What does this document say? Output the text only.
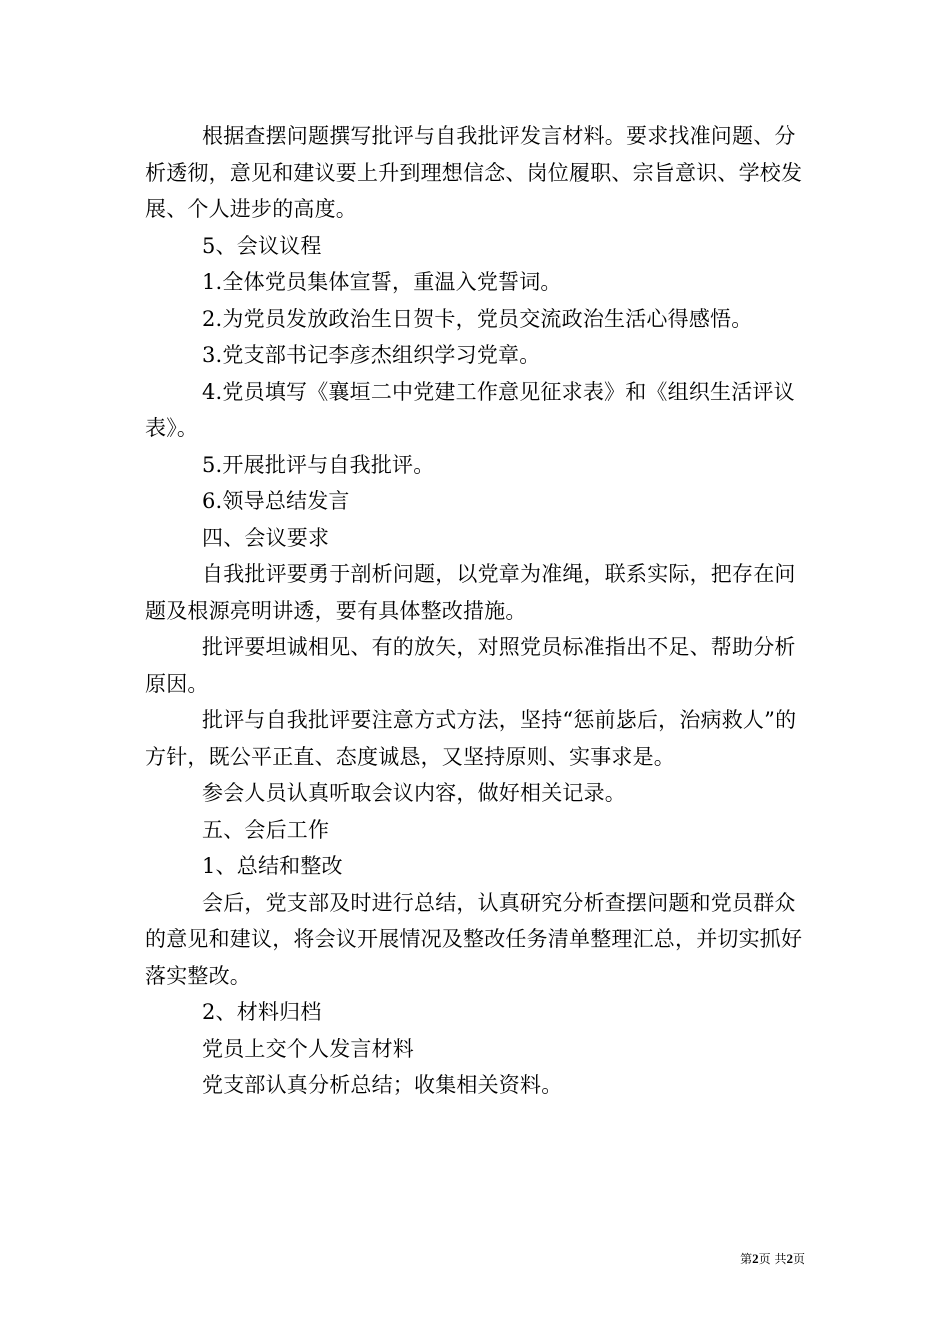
根据查摆问题撰写批评与自我批评发言材料。要求找准问题、分析透彻，意见和建议要上升到理想信念、岗位履职、宗旨意识、学校发展、个人进步的高度。

5、会议议程

1.全体党员集体宣誓，重温入党誓词。

2.为党员发放政治生日贺卡，党员交流政治生活心得感悟。

3.党支部书记李彦杰组织学习党章。

4.党员填写《襄垣二中党建工作意见征求表》和《组织生活评议表》。

5.开展批评与自我批评。

6.领导总结发言

四、会议要求

自我批评要勇于剖析问题，以党章为准绳，联系实际，把存在问题及根源亮明讲透，要有具体整改措施。

批评要坦诚相见、有的放矢，对照党员标准指出不足、帮助分析原因。

批评与自我批评要注意方式方法，坚持“惩前毖后，治病救人”的方针，既公平正直、态度诚恳，又坚持原则、实事求是。

参会人员认真听取会议内容，做好相关记录。

五、会后工作

1、总结和整改

会后，党支部及时进行总结，认真研究分析查摆问题和党员群众的意见和建议，将会议开展情况及整改任务清单整理汇总，并切实抓好落实整改。

2、材料归档

党员上交个人发言材料

党支部认真分析总结；收集相关资料。

第2页 共2页
